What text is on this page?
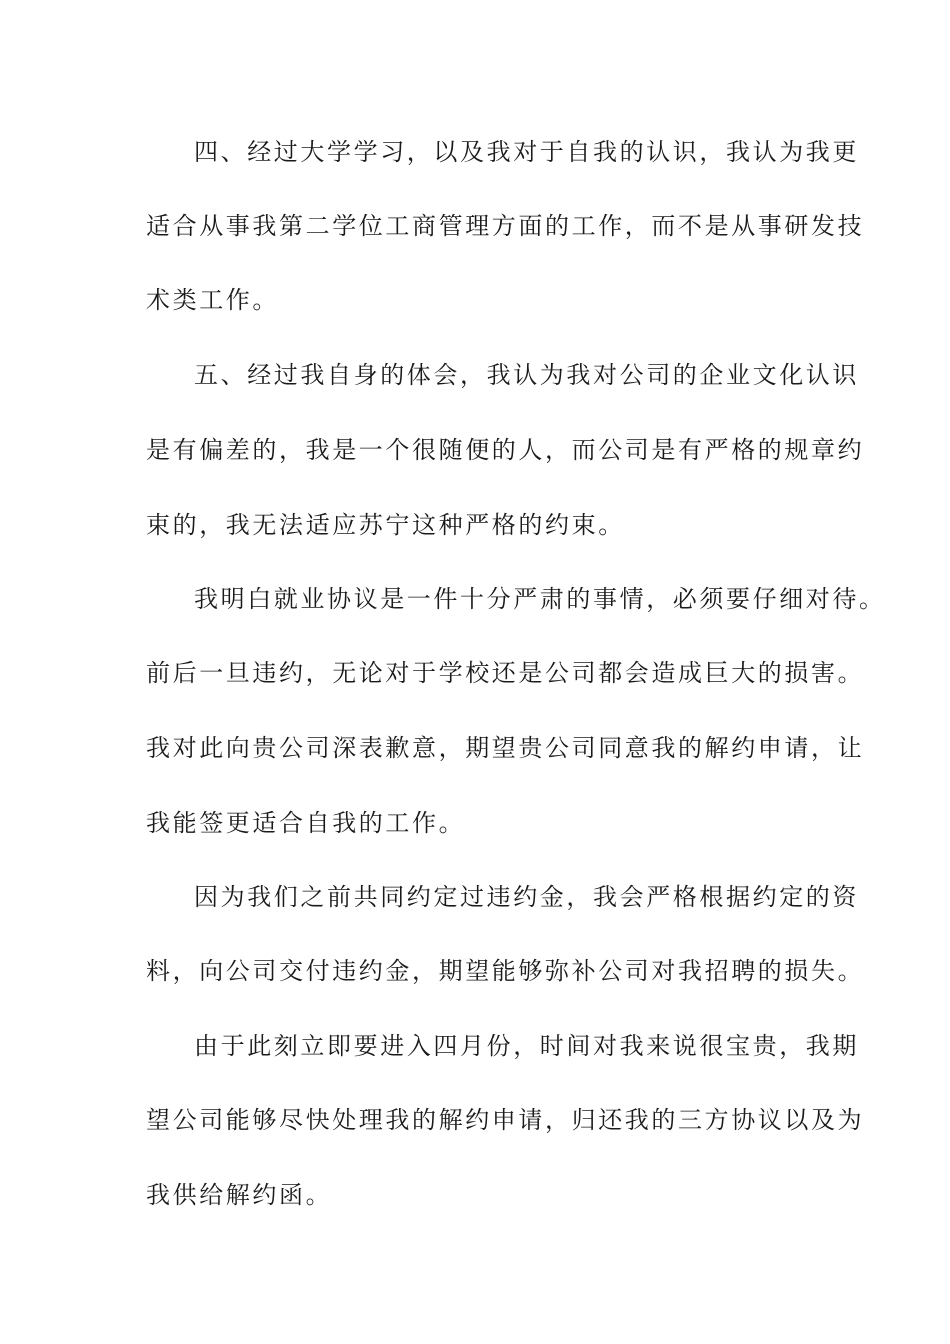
四、经过大学学习，以及我对于自我的认识，我认为我更
适合从事我第二学位工商管理方面的工作，而不是从事研发技
术类工作。
五、经过我自身的体会，我认为我对公司的企业文化认识
是有偏差的，我是一个很随便的人，而公司是有严格的规章约
束的，我无法适应苏宁这种严格的约束。
我明白就业协议是一件十分严肃的事情，必须要仔细对待。
前后一旦违约，无论对于学校还是公司都会造成巨大的损害。
我对此向贵公司深表歉意，期望贵公司同意我的解约申请，让
我能签更适合自我的工作。
因为我们之前共同约定过违约金，我会严格根据约定的资
料，向公司交付违约金，期望能够弥补公司对我招聘的损失。
由于此刻立即要进入四月份，时间对我来说很宝贵，我期
望公司能够尽快处理我的解约申请，归还我的三方协议以及为
我供给解约函。
